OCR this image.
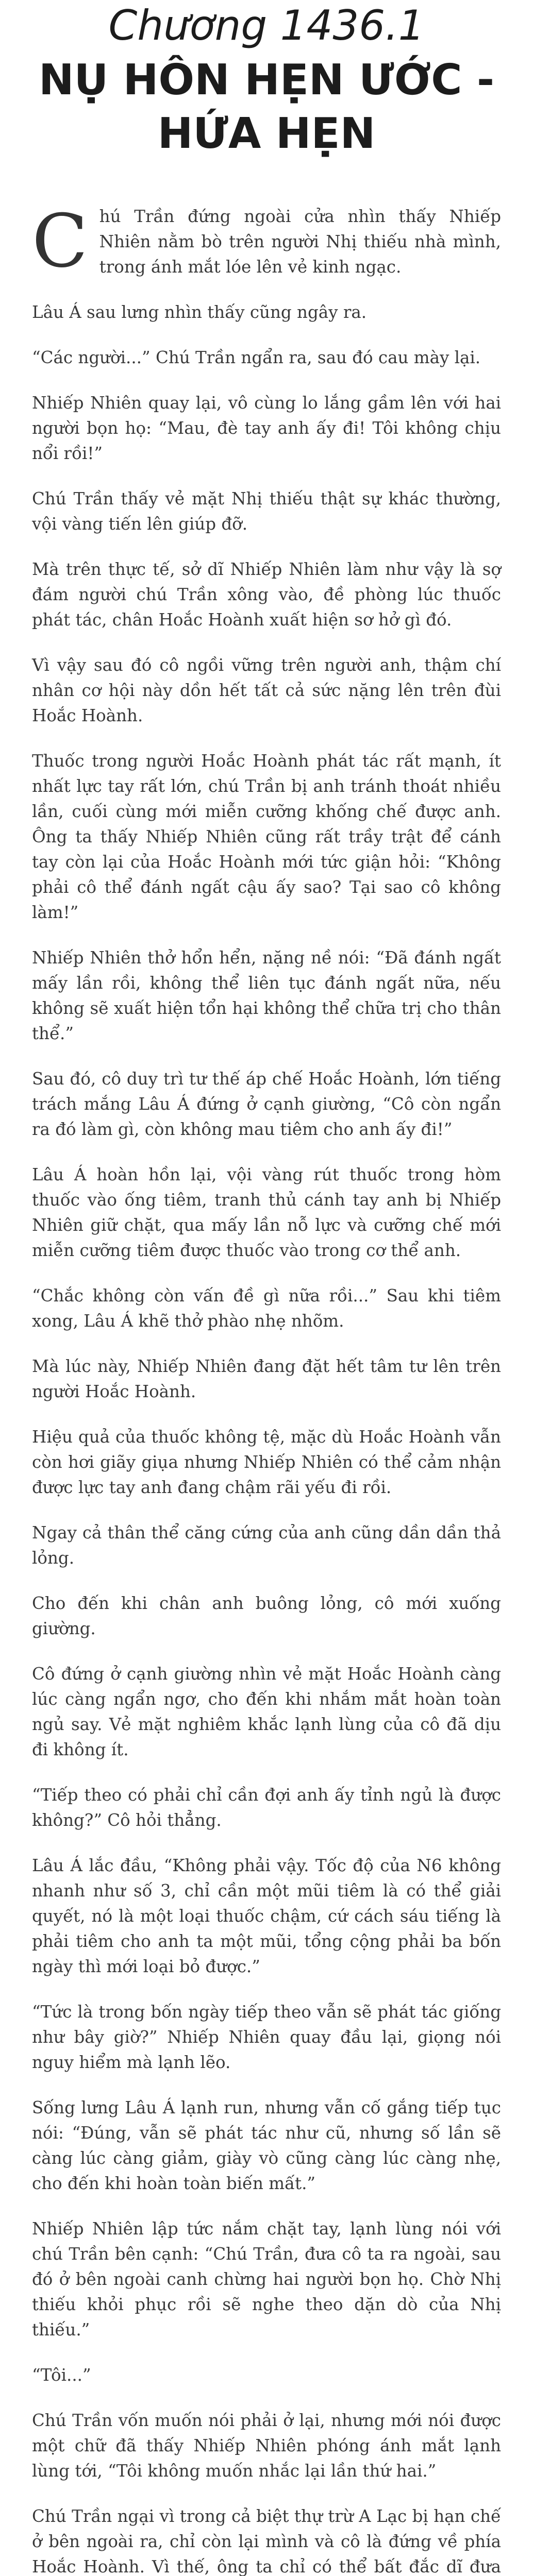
Chương 1436.1
NỤ HÔN HẸN ƯỚC - HỨA HẸN

Chú Trần đứng ngoài cửa nhìn thấy Nhiếp Nhiên nằm bò trên người Nhị thiếu nhà mình, trong ánh mắt lóe lên vẻ kinh ngạc.

Lâu Á sau lưng nhìn thấy cũng ngây ra.

“Các người...” Chú Trần ngẩn ra, sau đó cau mày lại.

Nhiếp Nhiên quay lại, vô cùng lo lắng gầm lên với hai người bọn họ: “Mau, đè tay anh ấy đi! Tôi không chịu nổi rồi!”

Chú Trần thấy vẻ mặt Nhị thiếu thật sự khác thường, vội vàng tiến lên giúp đỡ.

Mà trên thực tế, sở dĩ Nhiếp Nhiên làm như vậy là sợ đám người chú Trần xông vào, đề phòng lúc thuốc phát tác, chân Hoắc Hoành xuất hiện sơ hở gì đó.

Vì vậy sau đó cô ngồi vững trên người anh, thậm chí nhân cơ hội này dồn hết tất cả sức nặng lên trên đùi Hoắc Hoành.

Thuốc trong người Hoắc Hoành phát tác rất mạnh, ít nhất lực tay rất lớn, chú Trần bị anh tránh thoát nhiều lần, cuối cùng mới miễn cưỡng khống chế được anh. Ông ta thấy Nhiếp Nhiên cũng rất trầy trật để cánh tay còn lại của Hoắc Hoành mới tức giận hỏi: “Không phải cô thể đánh ngất cậu ấy sao? Tại sao cô không làm!”

Nhiếp Nhiên thở hổn hển, nặng nề nói: “Đã đánh ngất mấy lần rồi, không thể liên tục đánh ngất nữa, nếu không sẽ xuất hiện tổn hại không thể chữa trị cho thân thể.”

Sau đó, cô duy trì tư thế áp chế Hoắc Hoành, lớn tiếng trách mắng Lâu Á đứng ở cạnh giường, “Cô còn ngẩn ra đó làm gì, còn không mau tiêm cho anh ấy đi!”

Lâu Á hoàn hồn lại, vội vàng rút thuốc trong hòm thuốc vào ống tiêm, tranh thủ cánh tay anh bị Nhiếp Nhiên giữ chặt, qua mấy lần nỗ lực và cưỡng chế mới miễn cưỡng tiêm được thuốc vào trong cơ thể anh.

“Chắc không còn vấn đề gì nữa rồi...” Sau khi tiêm xong, Lâu Á khẽ thở phào nhẹ nhõm.

Mà lúc này, Nhiếp Nhiên đang đặt hết tâm tư lên trên người Hoắc Hoành.

Hiệu quả của thuốc không tệ, mặc dù Hoắc Hoành vẫn còn hơi giãy giụa nhưng Nhiếp Nhiên có thể cảm nhận được lực tay anh đang chậm rãi yếu đi rồi.

Ngay cả thân thể căng cứng của anh cũng dần dần thả lỏng.

Cho đến khi chân anh buông lỏng, cô mới xuống giường.

Cô đứng ở cạnh giường nhìn vẻ mặt Hoắc Hoành càng lúc càng ngẩn ngơ, cho đến khi nhắm mắt hoàn toàn ngủ say. Vẻ mặt nghiêm khắc lạnh lùng của cô đã dịu đi không ít.

“Tiếp theo có phải chỉ cần đợi anh ấy tỉnh ngủ là được không?” Cô hỏi thẳng.

Lâu Á lắc đầu, “Không phải vậy. Tốc độ của N6 không nhanh như số 3, chỉ cần một mũi tiêm là có thể giải quyết, nó là một loại thuốc chậm, cứ cách sáu tiếng là phải tiêm cho anh ta một mũi, tổng cộng phải ba bốn ngày thì mới loại bỏ được.”

“Tức là trong bốn ngày tiếp theo vẫn sẽ phát tác giống như bây giờ?” Nhiếp Nhiên quay đầu lại, giọng nói nguy hiểm mà lạnh lẽo.

Sống lưng Lâu Á lạnh run, nhưng vẫn cố gắng tiếp tục nói: “Đúng, vẫn sẽ phát tác như cũ, nhưng số lần sẽ càng lúc càng giảm, giày vò cũng càng lúc càng nhẹ, cho đến khi hoàn toàn biến mất.”

Nhiếp Nhiên lập tức nắm chặt tay, lạnh lùng nói với chú Trần bên cạnh: “Chú Trần, đưa cô ta ra ngoài, sau đó ở bên ngoài canh chừng hai người bọn họ. Chờ Nhị thiếu khỏi phục rồi sẽ nghe theo dặn dò của Nhị thiếu.”

“Tôi...”

Chú Trần vốn muốn nói phải ở lại, nhưng mới nói được một chữ đã thấy Nhiếp Nhiên phóng ánh mắt lạnh lùng tới, “Tôi không muốn nhắc lại lần thứ hai.”

Chú Trần ngại vì trong cả biệt thự trừ A Lạc bị hạn chế ở bên ngoài ra, chỉ còn lại mình và cô là đứng về phía Hoắc Hoành. Vì thế, ông ta chỉ có thể bất đắc dĩ đưa
